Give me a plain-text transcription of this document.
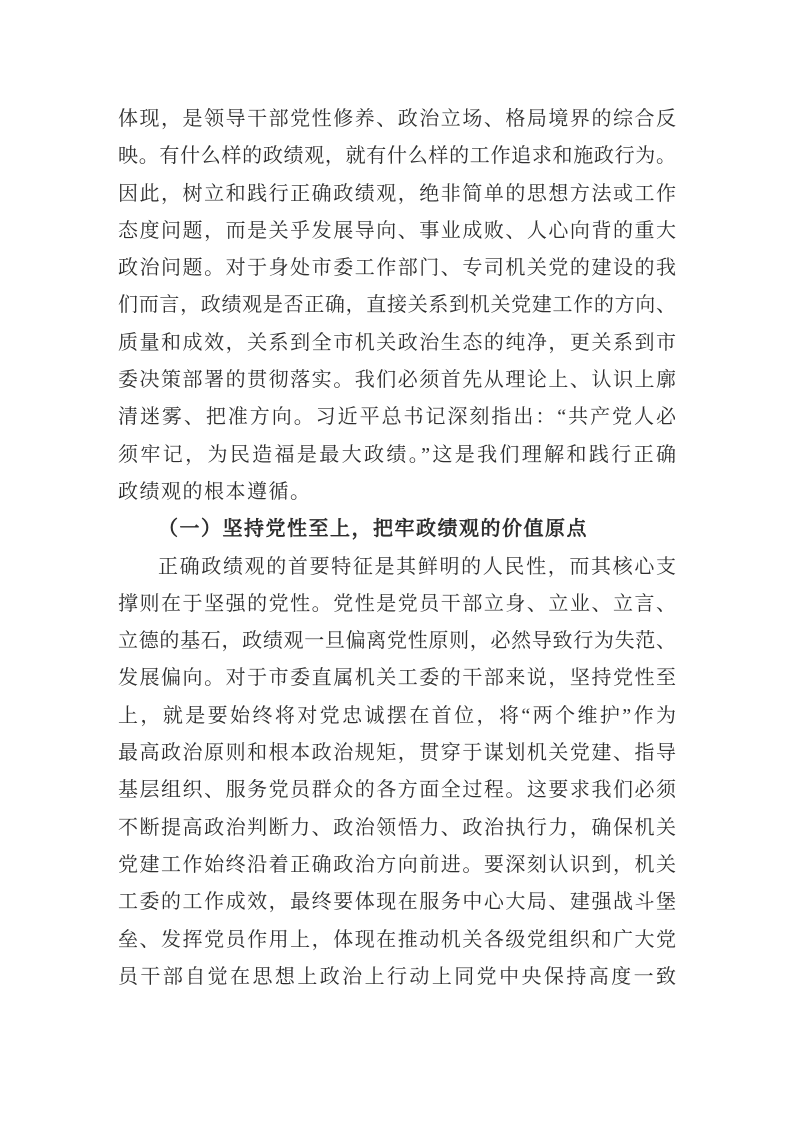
体现，是领导干部党性修养、政治立场、格局境界的综合反
映。有什么样的政绩观，就有什么样的工作追求和施政行为。
因此，树立和践行正确政绩观，绝非简单的思想方法或工作
态度问题，而是关乎发展导向、事业成败、人心向背的重大
政治问题。对于身处市委工作部门、专司机关党的建设的我
们而言，政绩观是否正确，直接关系到机关党建工作的方向、
质量和成效，关系到全市机关政治生态的纯净，更关系到市
委决策部署的贯彻落实。我们必须首先从理论上、认识上廓
清迷雾、把准方向。习近平总书记深刻指出：“共产党人必
须牢记，为民造福是最大政绩。”这是我们理解和践行正确
政绩观的根本遵循。
（一）坚持党性至上，把牢政绩观的价值原点
正确政绩观的首要特征是其鲜明的人民性，而其核心支
撑则在于坚强的党性。党性是党员干部立身、立业、立言、
立德的基石，政绩观一旦偏离党性原则，必然导致行为失范、
发展偏向。对于市委直属机关工委的干部来说，坚持党性至
上，就是要始终将对党忠诚摆在首位，将“两个维护”作为
最高政治原则和根本政治规矩，贯穿于谋划机关党建、指导
基层组织、服务党员群众的各方面全过程。这要求我们必须
不断提高政治判断力、政治领悟力、政治执行力，确保机关
党建工作始终沿着正确政治方向前进。要深刻认识到，机关
工委的工作成效，最终要体现在服务中心大局、建强战斗堡
垒、发挥党员作用上，体现在推动机关各级党组织和广大党
员干部自觉在思想上政治上行动上同党中央保持高度一致
